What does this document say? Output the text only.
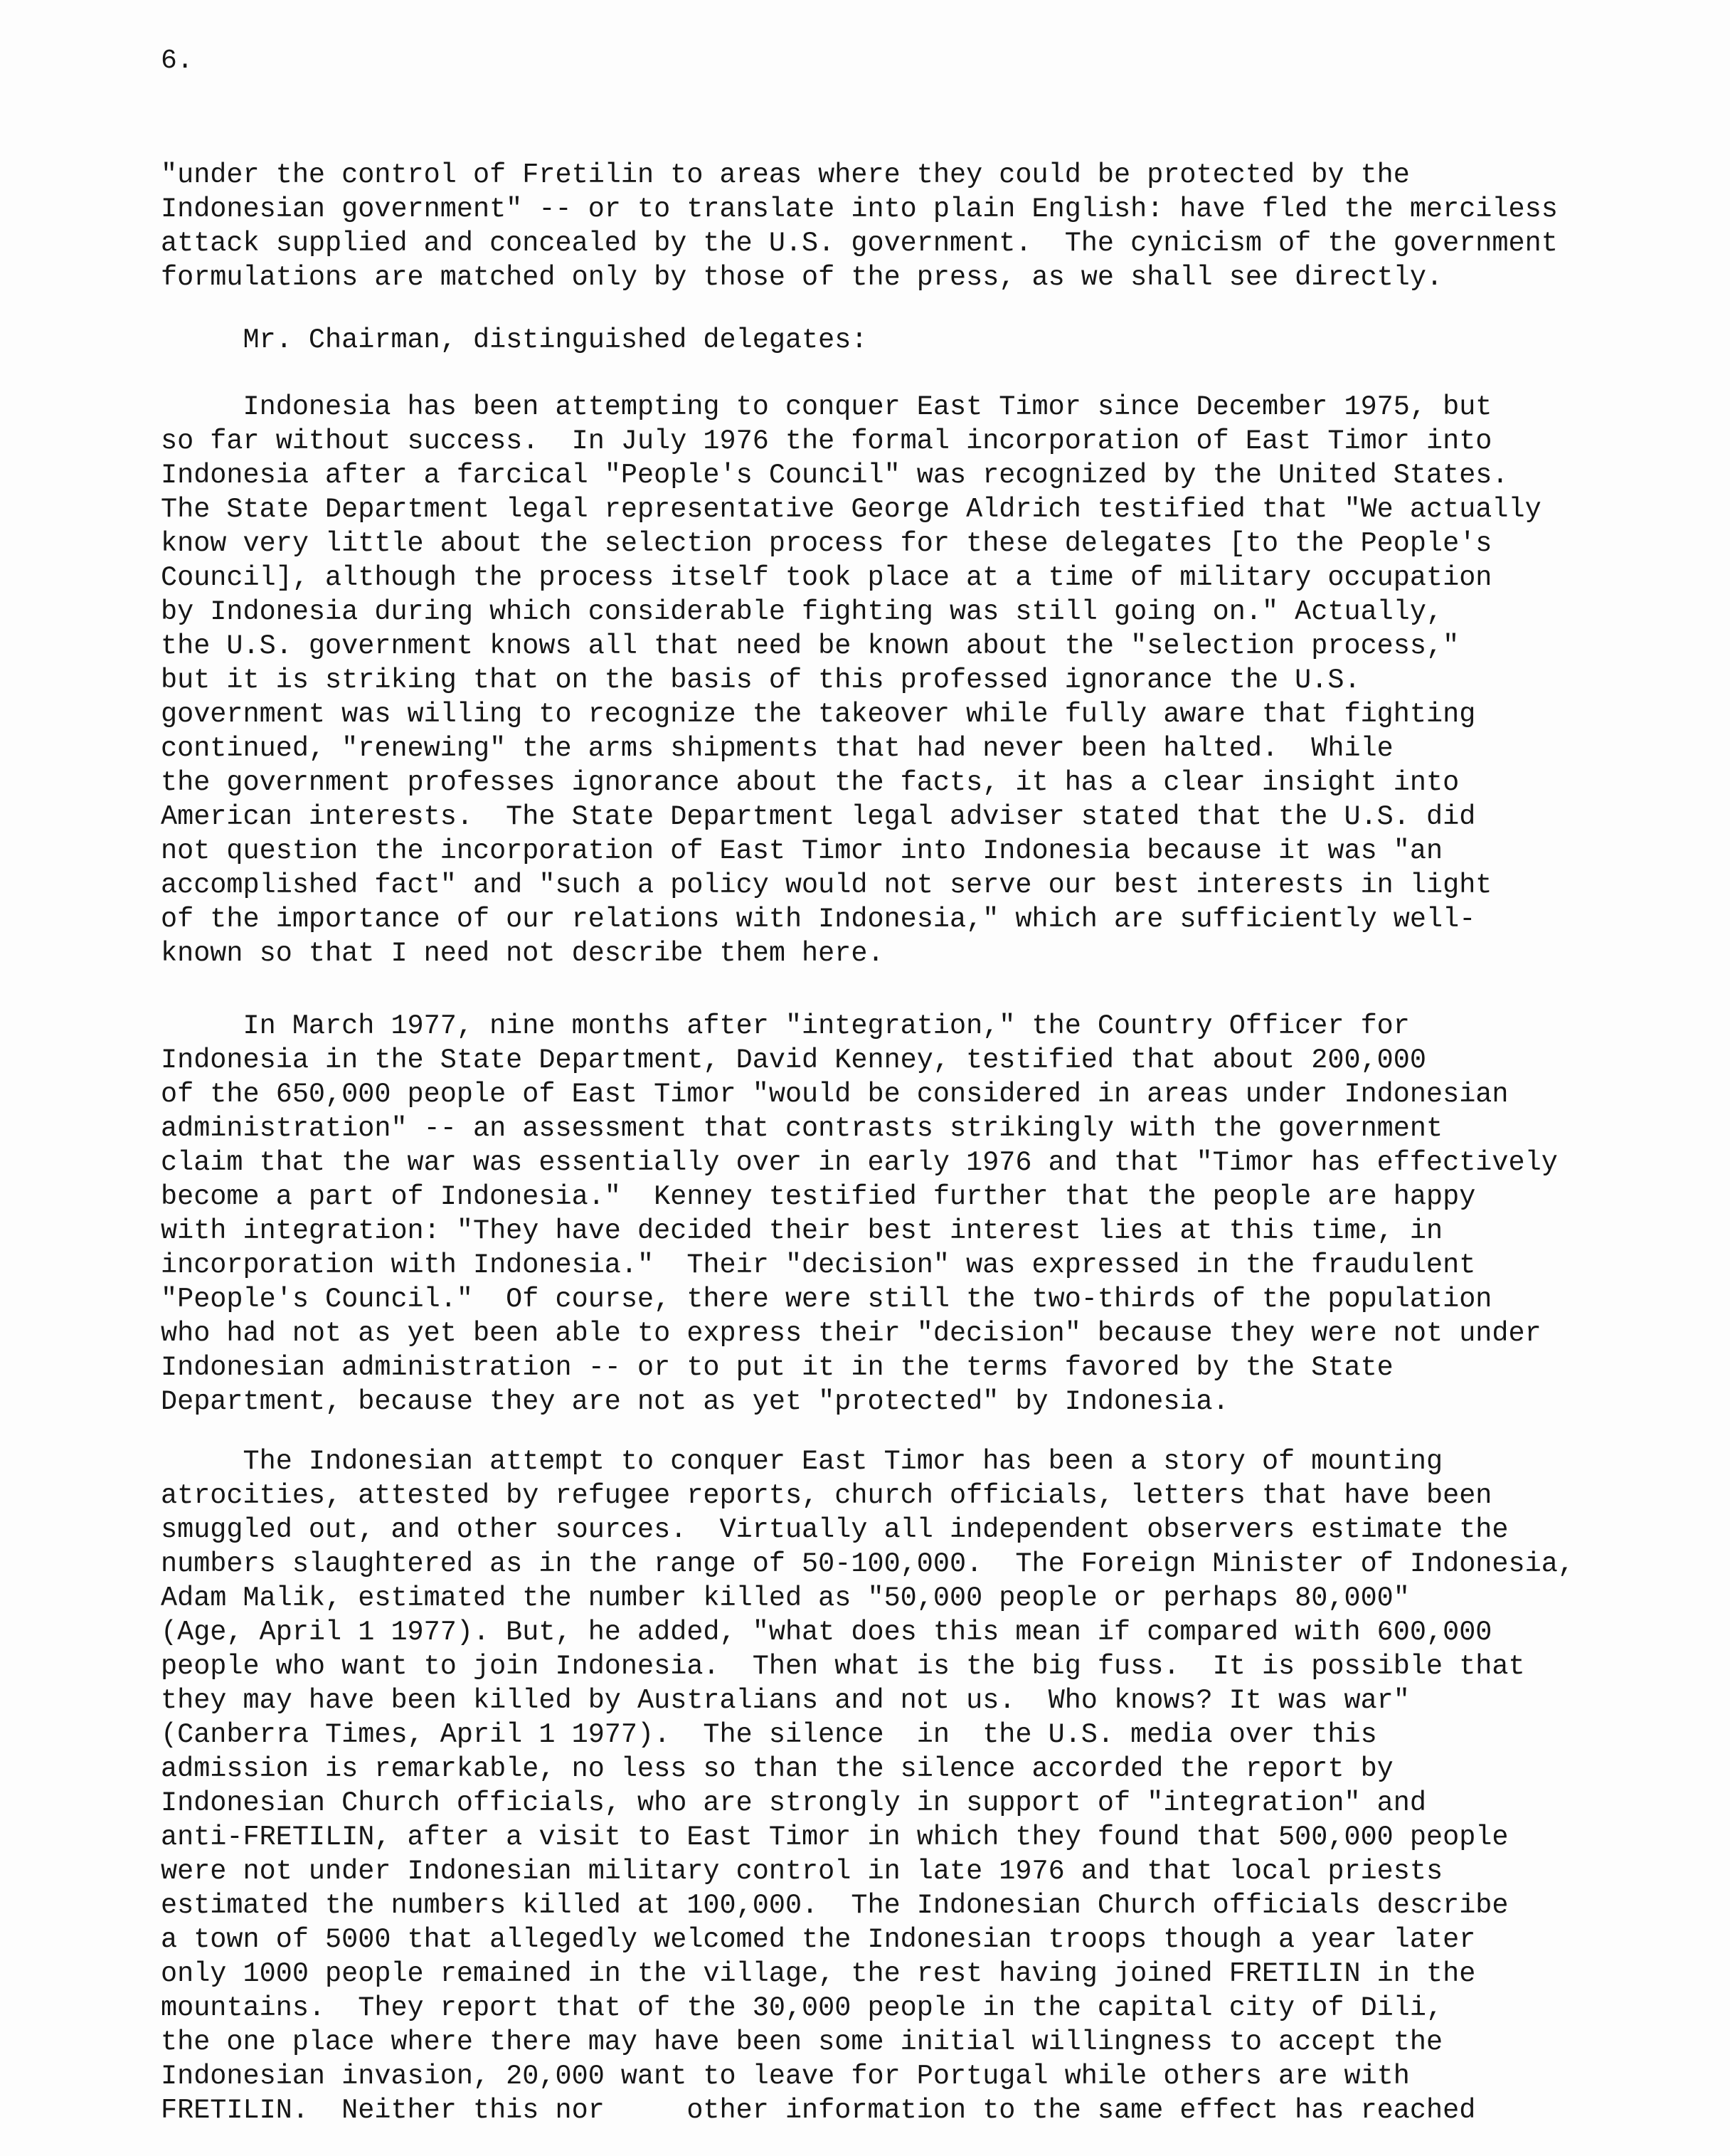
6.
"under the control of Fretilin to areas where they could be protected by the
Indonesian government" -- or to translate into plain English: have fled the merciless
attack supplied and concealed by the U.S. government.  The cynicism of the government
formulations are matched only by those of the press, as we shall see directly.
Mr. Chairman, distinguished delegates:
Indonesia has been attempting to conquer East Timor since December 1975, but
so far without success.  In July 1976 the formal incorporation of East Timor into
Indonesia after a farcical "People's Council" was recognized by the United States.
The State Department legal representative George Aldrich testified that "We actually
know very little about the selection process for these delegates [to the People's
Council], although the process itself took place at a time of military occupation
by Indonesia during which considerable fighting was still going on." Actually,
the U.S. government knows all that need be known about the "selection process,"
but it is striking that on the basis of this professed ignorance the U.S.
government was willing to recognize the takeover while fully aware that fighting
continued, "renewing" the arms shipments that had never been halted.  While
the government professes ignorance about the facts, it has a clear insight into
American interests.  The State Department legal adviser stated that the U.S. did
not question the incorporation of East Timor into Indonesia because it was "an
accomplished fact" and "such a policy would not serve our best interests in light
of the importance of our relations with Indonesia," which are sufficiently well-
known so that I need not describe them here.
In March 1977, nine months after "integration," the Country Officer for
Indonesia in the State Department, David Kenney, testified that about 200,000
of the 650,000 people of East Timor "would be considered in areas under Indonesian
administration" -- an assessment that contrasts strikingly with the government
claim that the war was essentially over in early 1976 and that "Timor has effectively
become a part of Indonesia."  Kenney testified further that the people are happy
with integration: "They have decided their best interest lies at this time, in
incorporation with Indonesia."  Their "decision" was expressed in the fraudulent
"People's Council."  Of course, there were still the two-thirds of the population
who had not as yet been able to express their "decision" because they were not under
Indonesian administration -- or to put it in the terms favored by the State
Department, because they are not as yet "protected" by Indonesia.
The Indonesian attempt to conquer East Timor has been a story of mounting
atrocities, attested by refugee reports, church officials, letters that have been
smuggled out, and other sources.  Virtually all independent observers estimate the
numbers slaughtered as in the range of 50-100,000.  The Foreign Minister of Indonesia,
Adam Malik, estimated the number killed as "50,000 people or perhaps 80,000"
(Age, April 1 1977). But, he added, "what does this mean if compared with 600,000
people who want to join Indonesia.  Then what is the big fuss.  It is possible that
they may have been killed by Australians and not us.  Who knows? It was war"
(Canberra Times, April 1 1977).  The silence  in  the U.S. media over this
admission is remarkable, no less so than the silence accorded the report by
Indonesian Church officials, who are strongly in support of "integration" and
anti-FRETILIN, after a visit to East Timor in which they found that 500,000 people
were not under Indonesian military control in late 1976 and that local priests
estimated the numbers killed at 100,000.  The Indonesian Church officials describe
a town of 5000 that allegedly welcomed the Indonesian troops though a year later
only 1000 people remained in the village, the rest having joined FRETILIN in the
mountains.  They report that of the 30,000 people in the capital city of Dili,
the one place where there may have been some initial willingness to accept the
Indonesian invasion, 20,000 want to leave for Portugal while others are with
FRETILIN.  Neither this nor     other information to the same effect has reached
